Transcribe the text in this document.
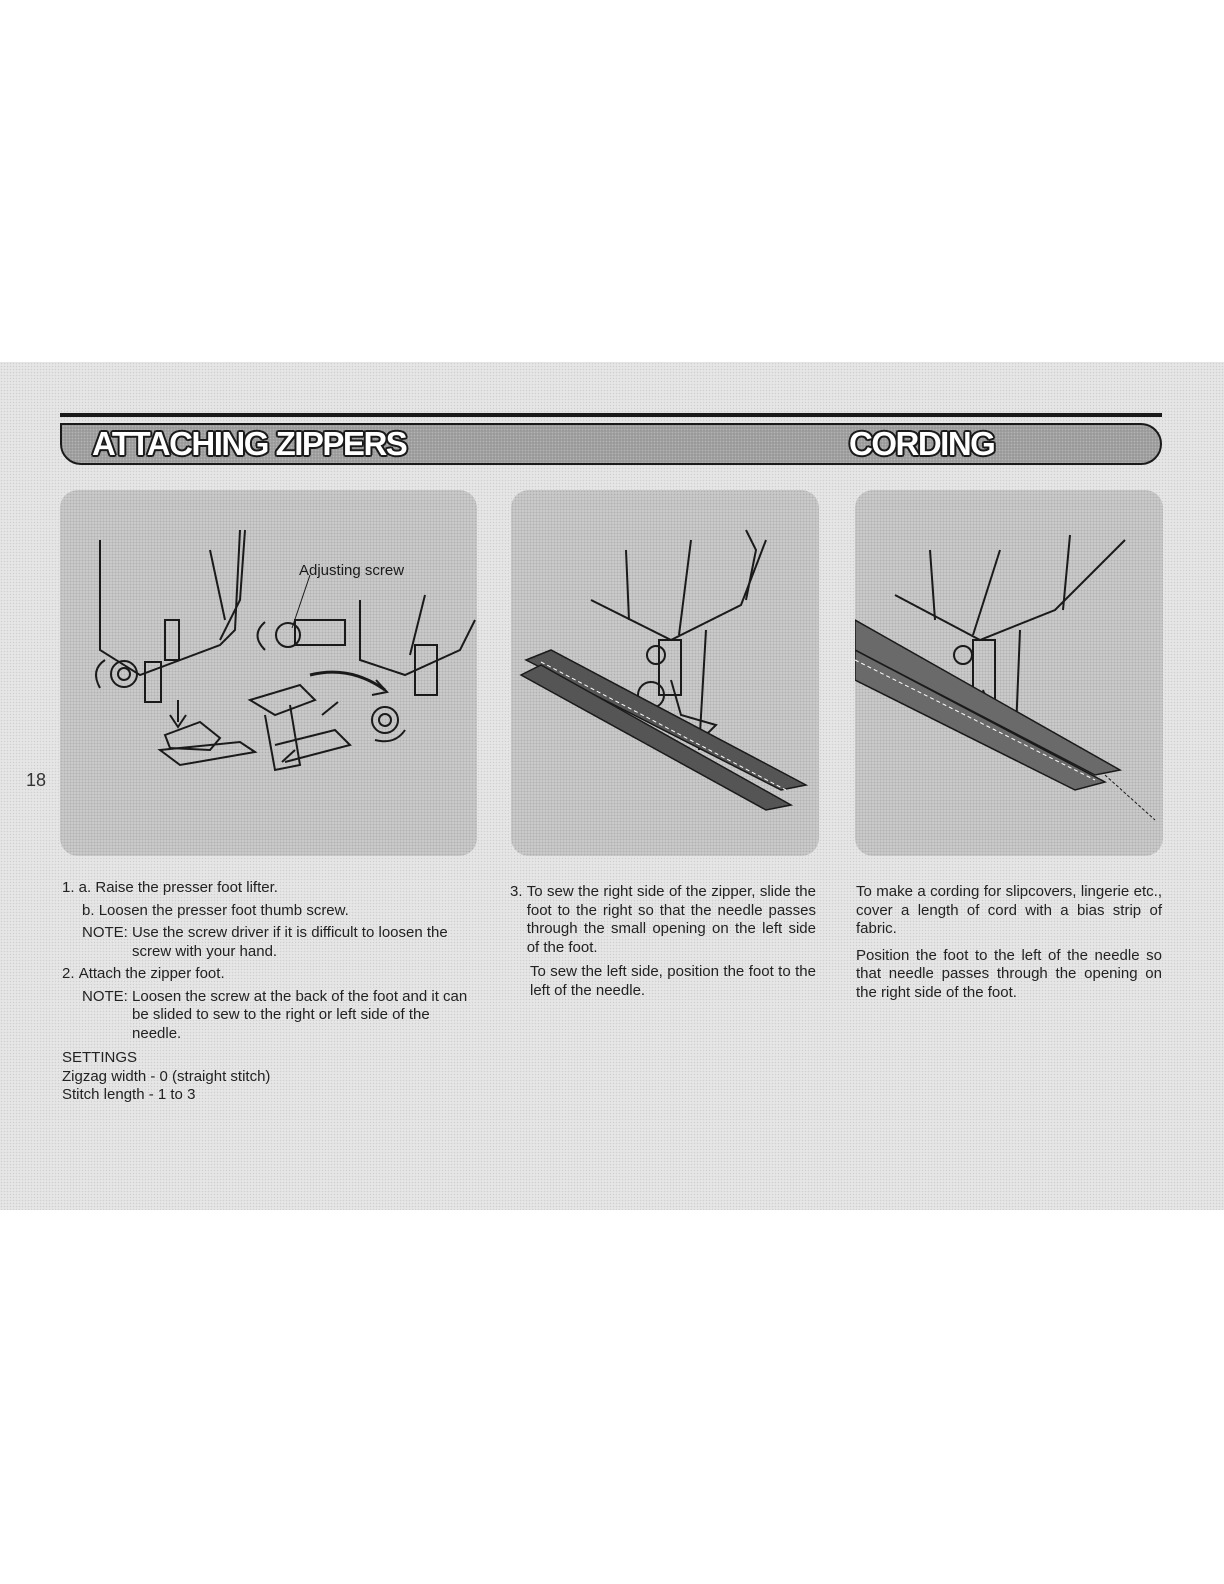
ATTACHING ZIPPERS	CORDING
18
Adjusting screw
1. a. Raise the presser foot lifter.
b. Loosen the presser foot thumb screw.
NOTE: Use the screw driver if it is difficult to loosen the screw with your hand.
2. Attach the zipper foot.
NOTE: Loosen the screw at the back of the foot and it can be slided to sew to the right or left side of the needle.
SETTINGS
Zigzag width - 0 (straight stitch)
Stitch length - 1 to 3
3. To sew the right side of the zipper, slide the foot to the right so that the needle passes through the small opening on the left side of the foot.
To sew the left side, position the foot to the left of the needle.
To make a cording for slipcovers, lingerie etc., cover a length of cord with a bias strip of fabric.
Position the foot to the left of the needle so that needle passes through the opening on the right side of the foot.
